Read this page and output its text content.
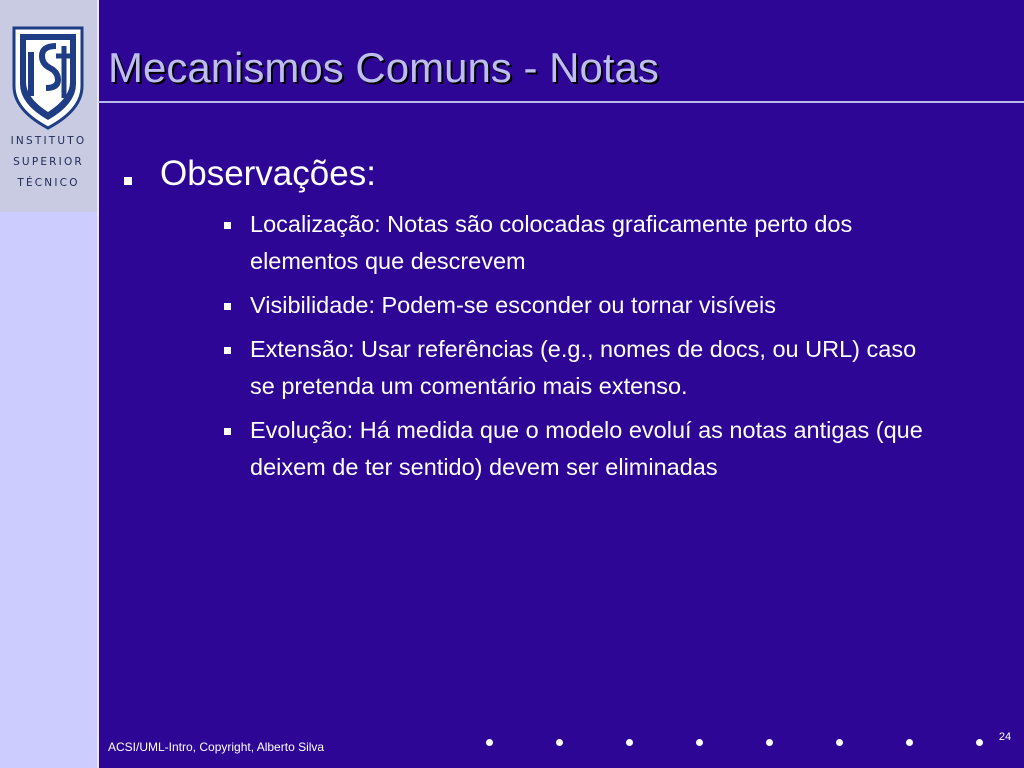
INSTITUTO
SUPERIOR
TÉCNICO
Mecanismos Comuns - Notas
Observações:
Localização: Notas são colocadas graficamente perto dos elementos que descrevem
Visibilidade: Podem-se esconder ou tornar visíveis
Extensão: Usar referências (e.g., nomes de docs, ou URL) caso se pretenda um comentário mais extenso.
Evolução: Há medida que o modelo evoluí as notas antigas (que deixem de ter sentido) devem ser eliminadas
ACSI/UML-Intro, Copyright, Alberto Silva
24
